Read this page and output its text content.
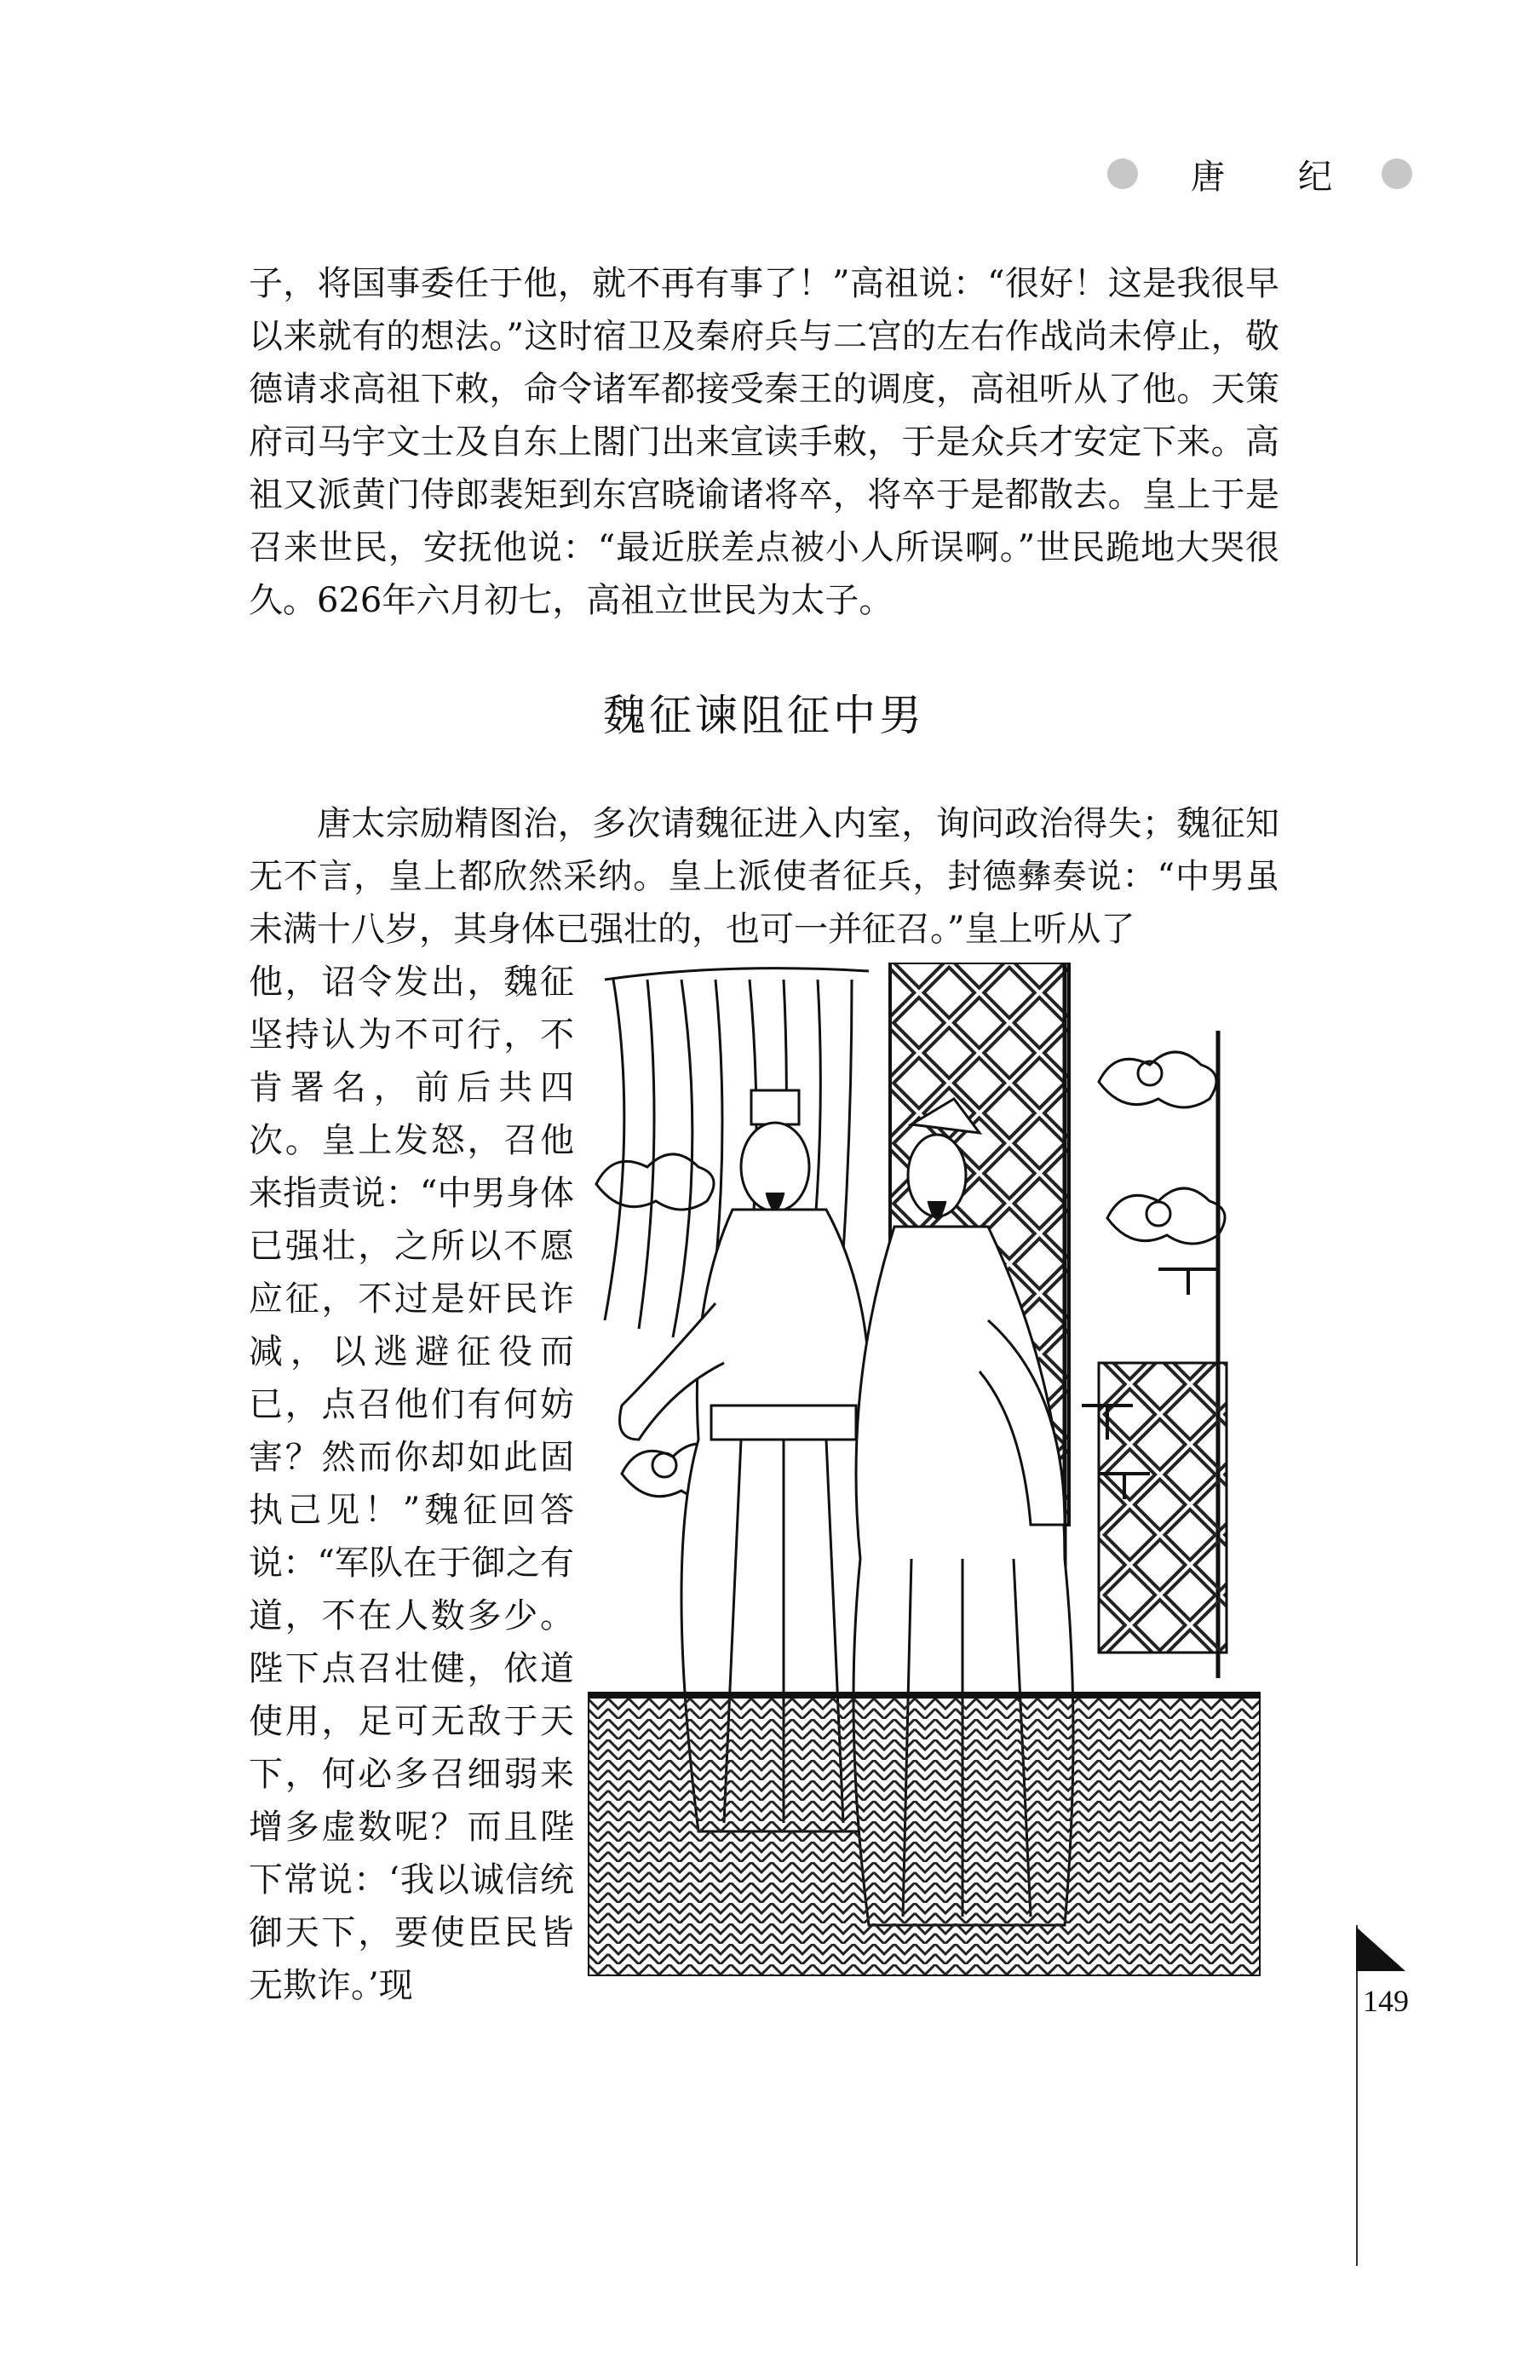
唐 纪
子，将国事委任于他，就不再有事了！”高祖说：“很好！这是我很早以来就有的想法。”这时宿卫及秦府兵与二宫的左右作战尚未停止，敬德请求高祖下敕，命令诸军都接受秦王的调度，高祖听从了他。天策府司马宇文士及自东上閤门出来宣读手敕，于是众兵才安定下来。高祖又派黄门侍郎裴矩到东宫晓谕诸将卒，将卒于是都散去。皇上于是召来世民，安抚他说：“最近朕差点被小人所误啊。”世民跪地大哭很久。626年六月初七，高祖立世民为太子。
魏征谏阻征中男
唐太宗励精图治，多次请魏征进入内室，询问政治得失；魏征知无不言，皇上都欣然采纳。皇上派使者征兵，封德彝奏说：“中男虽未满十八岁，其身体已强壮的，也可一并征召。”皇上听从了
他，诏令发出，魏征坚持认为不可行，不肯署名，前后共四次。皇上发怒，召他来指责说：“中男身体已强壮，之所以不愿应征，不过是奸民诈减，以逃避征役而已，点召他们有何妨害？然而你却如此固执己见！”魏征回答说：“军队在于御之有道，不在人数多少。陛下点召壮健，依道使用，足可无敌于天下，何必多召细弱来增多虚数呢？而且陛下常说：‘我以诚信统御天下，要使臣民皆无欺诈。’现	149
